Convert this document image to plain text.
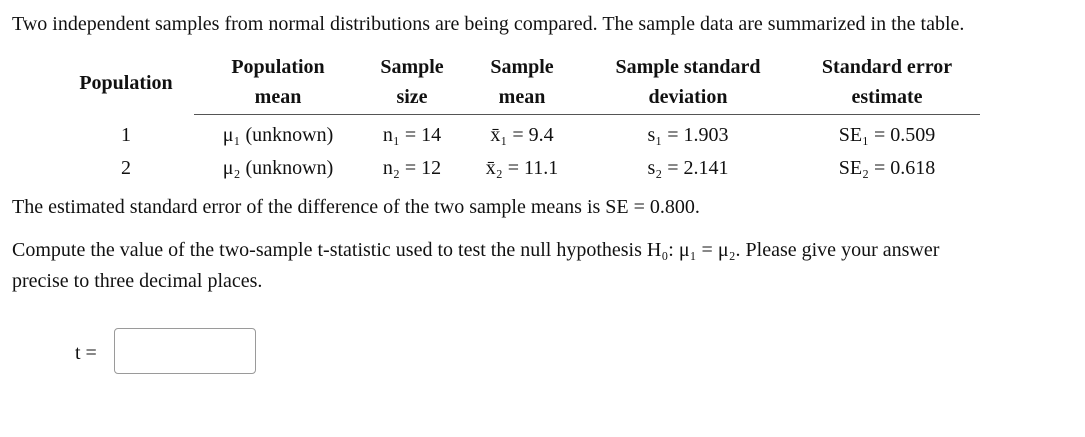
Two independent samples from normal distributions are being compared. The sample data are summarized in the table.
Population	Population	Sample	Sample	Sample standard	Standard error
	mean	size	mean	deviation	estimate
1	μ₁ (unknown)	n₁ = 14	x̄₁ = 9.4	s₁ = 1.903	SE₁ = 0.509
2	μ₂ (unknown)	n₂ = 12	x̄₂ = 11.1	s₂ = 2.141	SE₂ = 0.618
The estimated standard error of the difference of the two sample means is SE = 0.800.
Compute the value of the two-sample t-statistic used to test the null hypothesis H₀: μ₁ = μ₂. Please give your answer
precise to three decimal places.
t =
